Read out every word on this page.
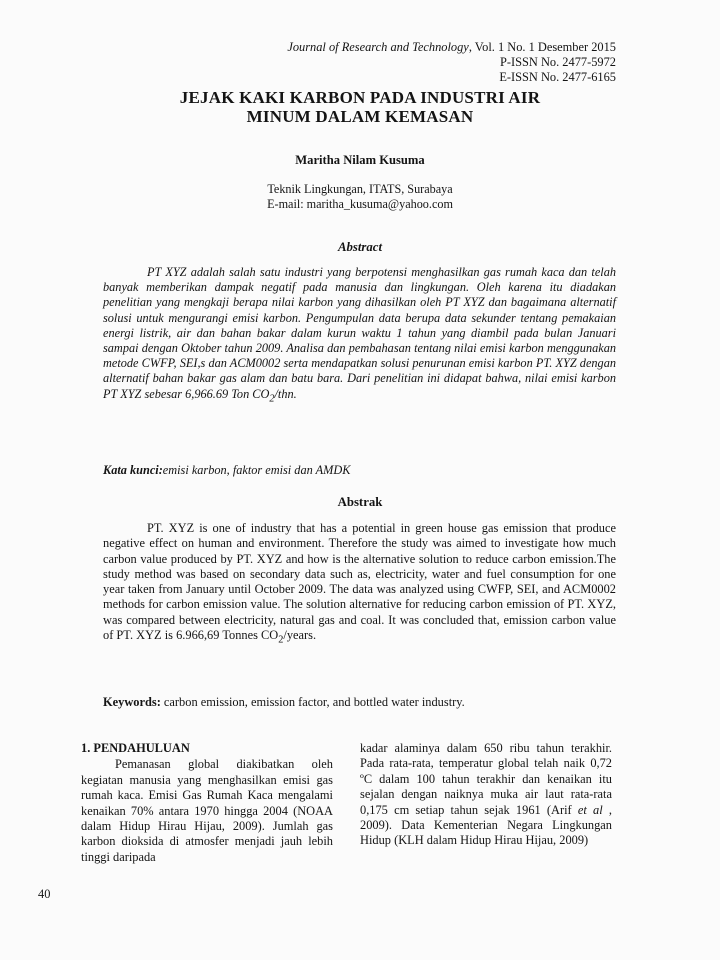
Journal of Research and Technology, Vol. 1 No. 1 Desember 2015
P-ISSN No. 2477-5972
E-ISSN No. 2477-6165
JEJAK KAKI KARBON PADA INDUSTRI AIR
MINUM DALAM KEMASAN
Maritha Nilam Kusuma
Teknik Lingkungan, ITATS, Surabaya
E-mail: maritha_kusuma@yahoo.com
Abstract

PT XYZ adalah salah satu industri yang berpotensi menghasilkan gas rumah kaca dan telah banyak memberikan dampak negatif pada manusia dan lingkungan. Oleh karena itu diadakan penelitian yang mengkaji berapa nilai karbon yang dihasilkan oleh PT XYZ dan bagaimana alternatif solusi untuk mengurangi emisi karbon. Pengumpulan data berupa data sekunder tentang pemakaian energi listrik, air dan bahan bakar dalam kurun waktu 1 tahun yang diambil pada bulan Januari sampai dengan Oktober tahun 2009. Analisa dan pembahasan tentang nilai emisi karbon menggunakan metode CWFP, SEI,s dan ACM0002 serta mendapatkan solusi penurunan emisi karbon PT. XYZ dengan alternatif bahan bakar gas alam dan batu bara. Dari penelitian ini didapat bahwa, nilai emisi karbon PT XYZ sebesar 6,966.69 Ton $CO_2$/thn.

Kata kunci:emisi karbon, faktor emisi dan AMDK
Abstrak

PT. XYZ is one of industry that has a potential in green house gas emission that produce negative effect on human and environment. Therefore the study was aimed to investigate how much carbon value produced by PT. XYZ and how is the alternative solution to reduce carbon emission.The study method was based on secondary data such as, electricity, water and fuel consumption for one year taken from January until October 2009. The data was analyzed using CWFP, SEI, and ACM0002 methods for carbon emission value. The solution alternative for reducing carbon emission of PT. XYZ, was compared between electricity, natural gas and coal. It was concluded that, emission carbon value of PT. XYZ is 6.966,69 Tonnes $CO_2$/years.

Keywords: carbon emission, emission factor, and bottled water industry.
1. PENDAHULUAN

Pemanasan global diakibatkan oleh kegiatan manusia yang menghasilkan emisi gas rumah kaca. Emisi Gas Rumah Kaca mengalami kenaikan 70% antara 1970 hingga 2004 (NOAA dalam Hidup Hirau Hijau, 2009). Jumlah gas karbon dioksida di atmosfer menjadi jauh lebih tinggi daripada

kadar alaminya dalam 650 ribu tahun terakhir. Pada rata-rata, temperatur global telah naik 0,72 ºC dalam 100 tahun terakhir dan kenaikan itu sejalan dengan naiknya muka air laut rata-rata 0,175 cm setiap tahun sejak 1961 (Arif et al , 2009). Data Kementerian Negara Lingkungan Hidup (KLH dalam Hidup Hirau Hijau, 2009)

40
